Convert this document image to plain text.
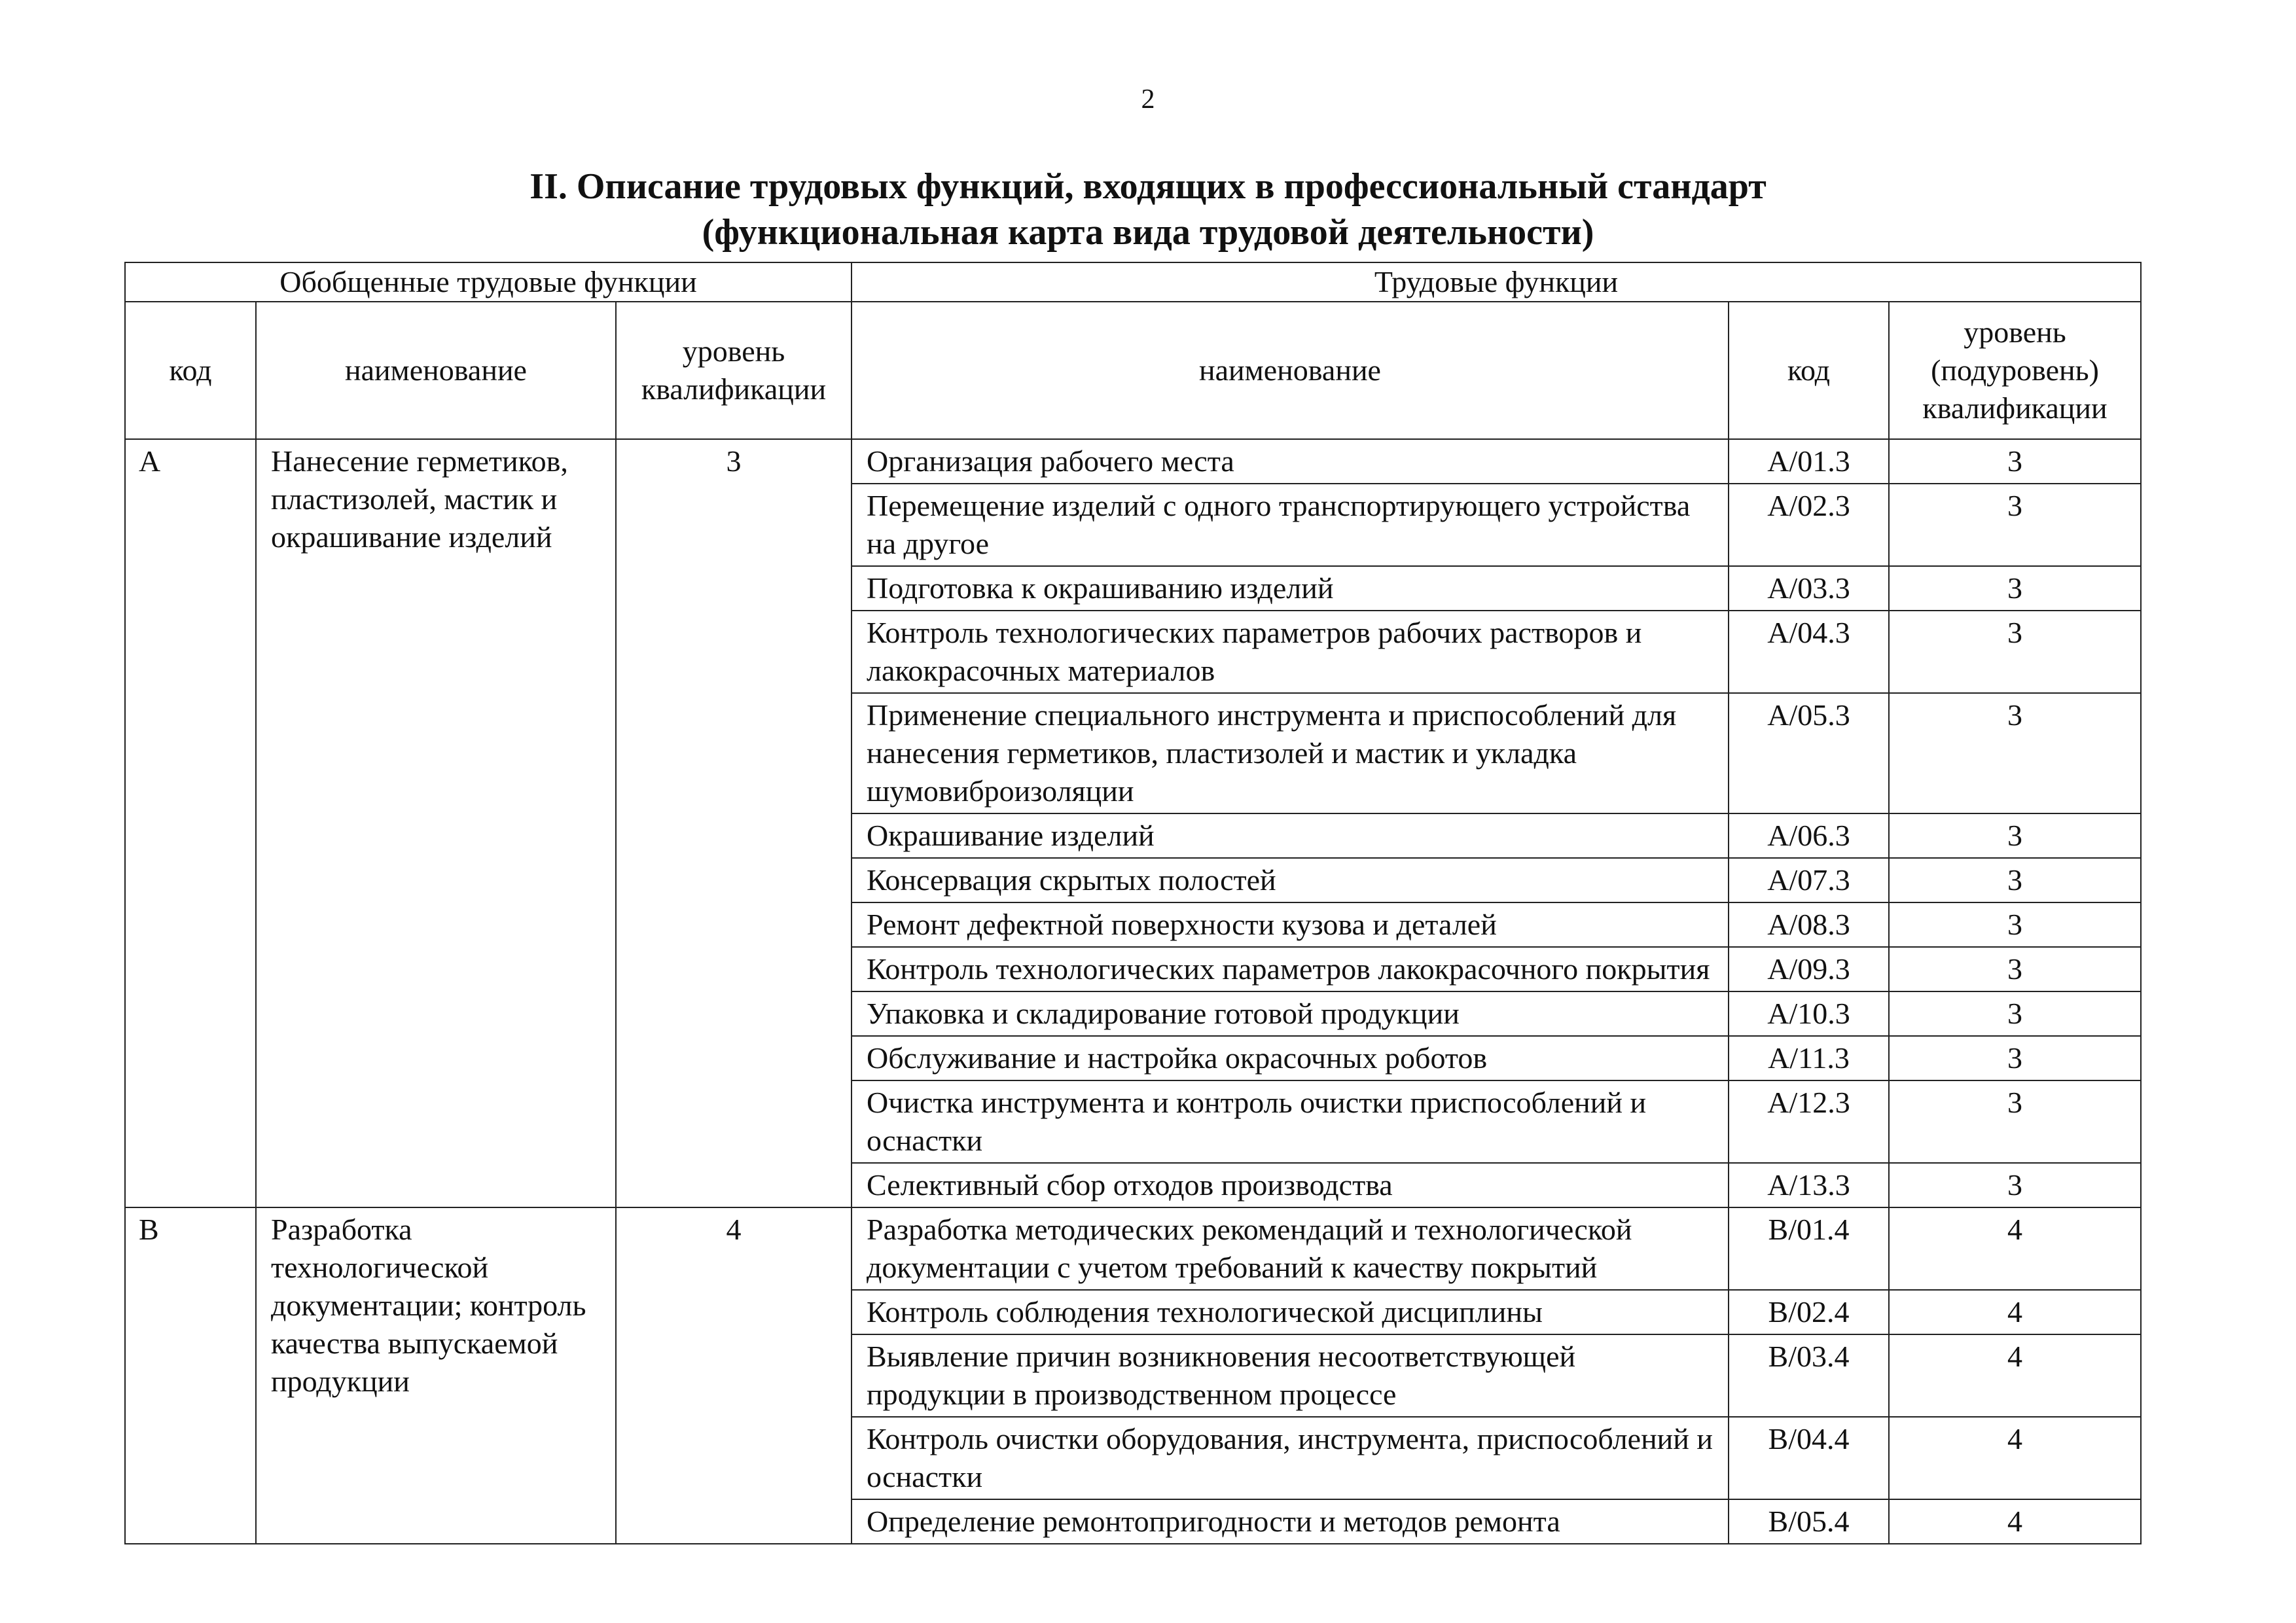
2
II. Описание трудовых функций, входящих в профессиональный стандарт
(функциональная карта вида трудовой деятельности)
Обобщенные трудовые функции			Трудовые функции		
код	наименование	уровень квалификации	наименование	код	уровень (подуровень) квалификации
А	Нанесение герметиков, пластизолей, мастик и окрашивание изделий	3	Организация рабочего места	А/01.3	3
			Перемещение изделий с одного транспортирующего устройства на другое	А/02.3	3
			Подготовка к окрашиванию изделий	А/03.3	3
			Контроль технологических параметров рабочих растворов и лакокрасочных материалов	А/04.3	3
			Применение специального инструмента и приспособлений для нанесения герметиков, пластизолей и мастик и укладка шумовиброизоляции	А/05.3	3
			Окрашивание изделий	А/06.3	3
			Консервация скрытых полостей	А/07.3	3
			Ремонт дефектной поверхности кузова и деталей	А/08.3	3
			Контроль технологических параметров лакокрасочного покрытия	А/09.3	3
			Упаковка и складирование готовой продукции	А/10.3	3
			Обслуживание и настройка окрасочных роботов	А/11.3	3
			Очистка инструмента и контроль очистки приспособлений и оснастки	А/12.3	3
			Селективный сбор отходов производства	А/13.3	3
В	Разработка технологической документации; контроль качества выпускаемой продукции	4	Разработка методических рекомендаций и технологической документации с учетом требований к качеству покрытий	В/01.4	4
			Контроль соблюдения технологической дисциплины	В/02.4	4
			Выявление причин возникновения несоответствующей продукции в производственном процессе	В/03.4	4
			Контроль очистки оборудования, инструмента, приспособлений и оснастки	В/04.4	4
			Определение ремонтопригодности и методов ремонта	В/05.4	4
